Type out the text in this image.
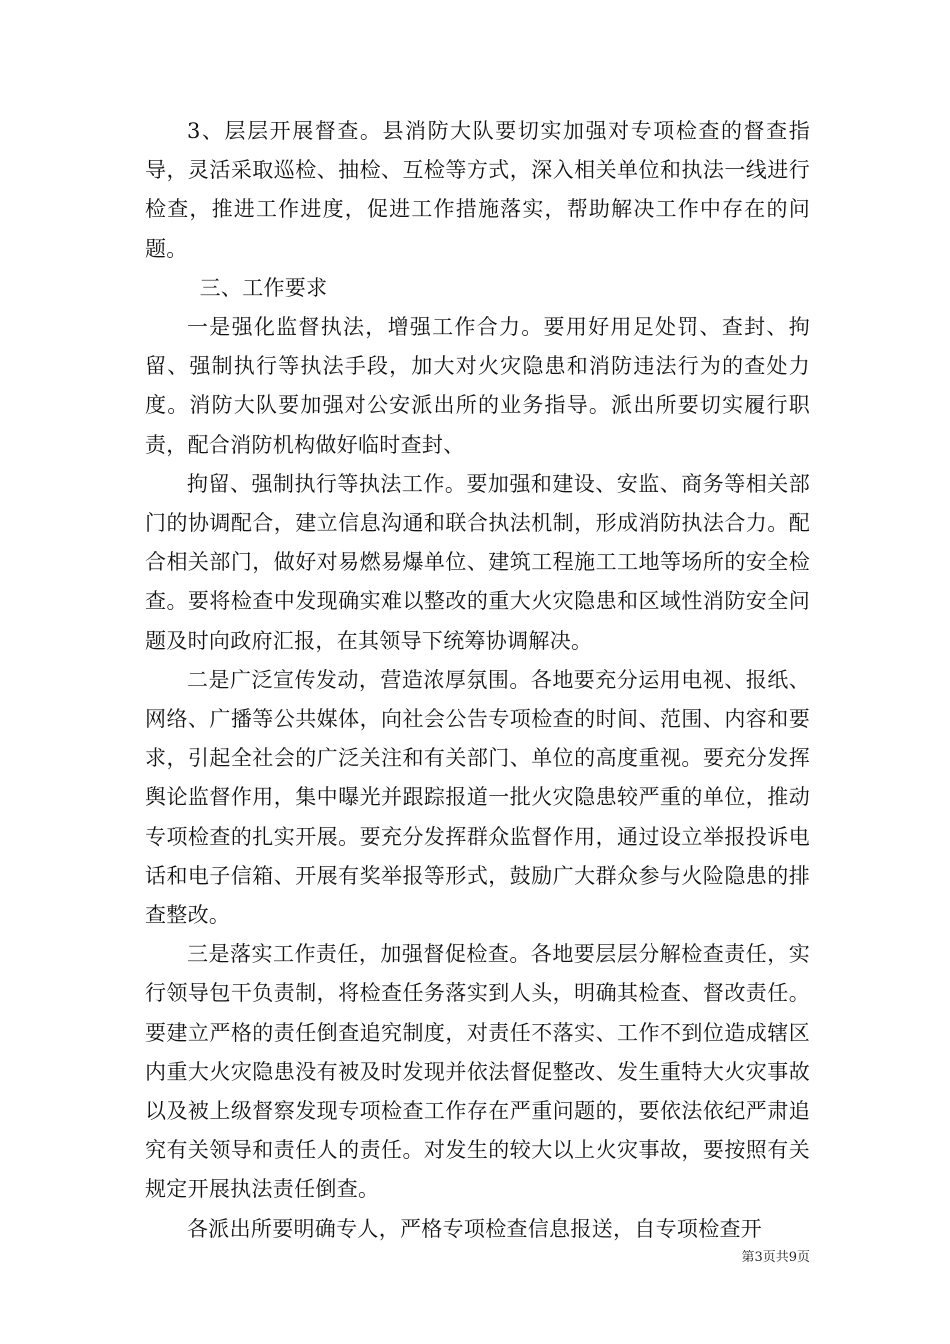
3、层层开展督查。县消防大队要切实加强对专项检查的督查指导，灵活采取巡检、抽检、互检等方式，深入相关单位和执法一线进行检查，推进工作进度，促进工作措施落实，帮助解决工作中存在的问题。

三、工作要求

一是强化监督执法，增强工作合力。要用好用足处罚、查封、拘留、强制执行等执法手段，加大对火灾隐患和消防违法行为的查处力度。消防大队要加强对公安派出所的业务指导。派出所要切实履行职责，配合消防机构做好临时查封、

拘留、强制执行等执法工作。要加强和建设、安监、商务等相关部门的协调配合，建立信息沟通和联合执法机制，形成消防执法合力。配合相关部门，做好对易燃易爆单位、建筑工程施工工地等场所的安全检查。要将检查中发现确实难以整改的重大火灾隐患和区域性消防安全问题及时向政府汇报，在其领导下统筹协调解决。

二是广泛宣传发动，营造浓厚氛围。各地要充分运用电视、报纸、网络、广播等公共媒体，向社会公告专项检查的时间、范围、内容和要求，引起全社会的广泛关注和有关部门、单位的高度重视。要充分发挥舆论监督作用，集中曝光并跟踪报道一批火灾隐患较严重的单位，推动专项检查的扎实开展。要充分发挥群众监督作用，通过设立举报投诉电话和电子信箱、开展有奖举报等形式，鼓励广大群众参与火险隐患的排查整改。

三是落实工作责任，加强督促检查。各地要层层分解检查责任，实行领导包干负责制，将检查任务落实到人头，明确其检查、督改责任。要建立严格的责任倒查追究制度，对责任不落实、工作不到位造成辖区内重大火灾隐患没有被及时发现并依法督促整改、发生重特大火灾事故以及被上级督察发现专项检查工作存在严重问题的，要依法依纪严肃追究有关领导和责任人的责任。对发生的较大以上火灾事故，要按照有关规定开展执法责任倒查。

各派出所要明确专人，严格专项检查信息报送，自专项检查开

第3页共9页
